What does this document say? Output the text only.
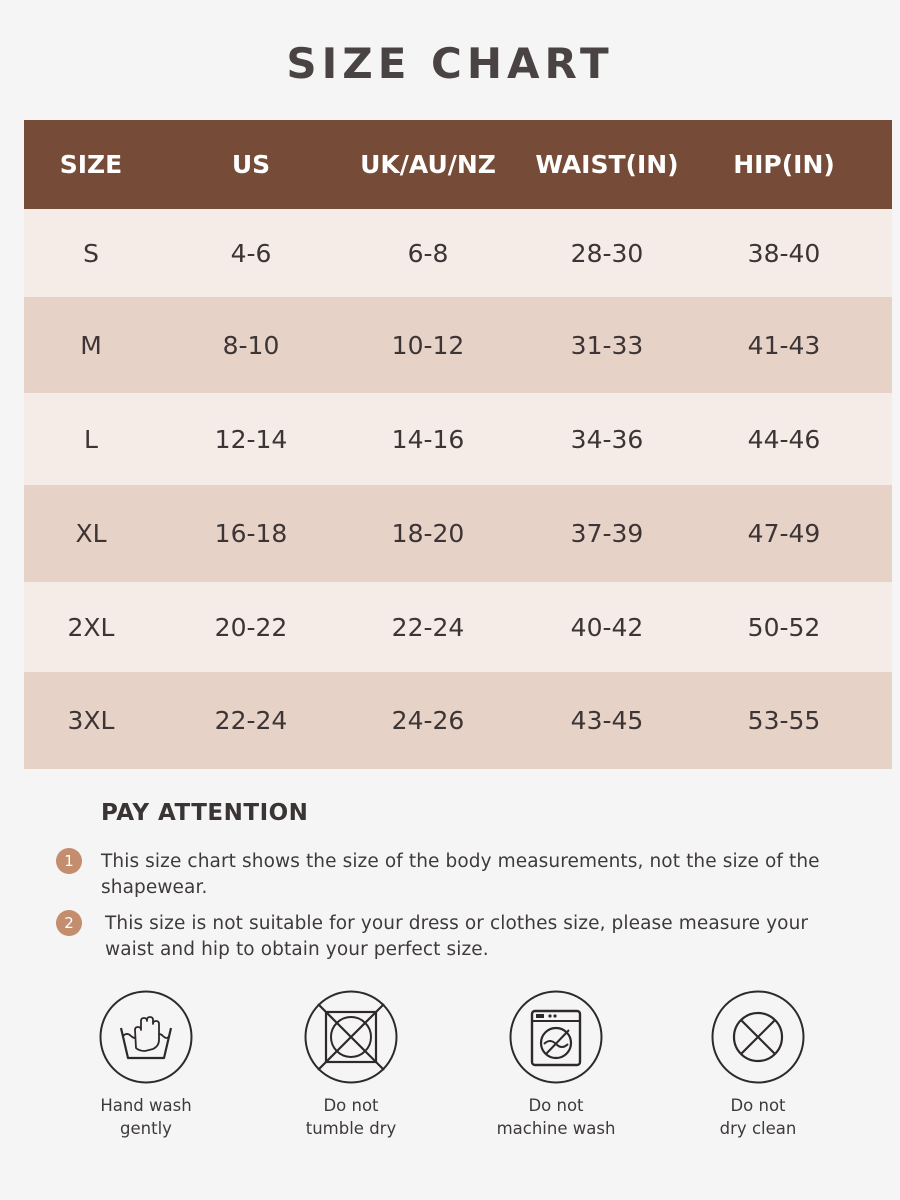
SIZE CHART
SIZE	US	UK/AU/NZ	WAIST(IN)	HIP(IN)
S	4-6	6-8	28-30	38-40
M	8-10	10-12	31-33	41-43
L	12-14	14-16	34-36	44-46
XL	16-18	18-20	37-39	47-49
2XL	20-22	22-24	40-42	50-52
3XL	22-24	24-26	43-45	53-55
PAY ATTENTION
1	This size chart shows the size of the body measurements, not the size of the shapewear.
2	This size is not suitable for your dress or clothes size, please measure your waist and hip to obtain your perfect size.
Hand wash
gently
Do not
tumble dry
Do not
machine wash
Do not
dry clean
